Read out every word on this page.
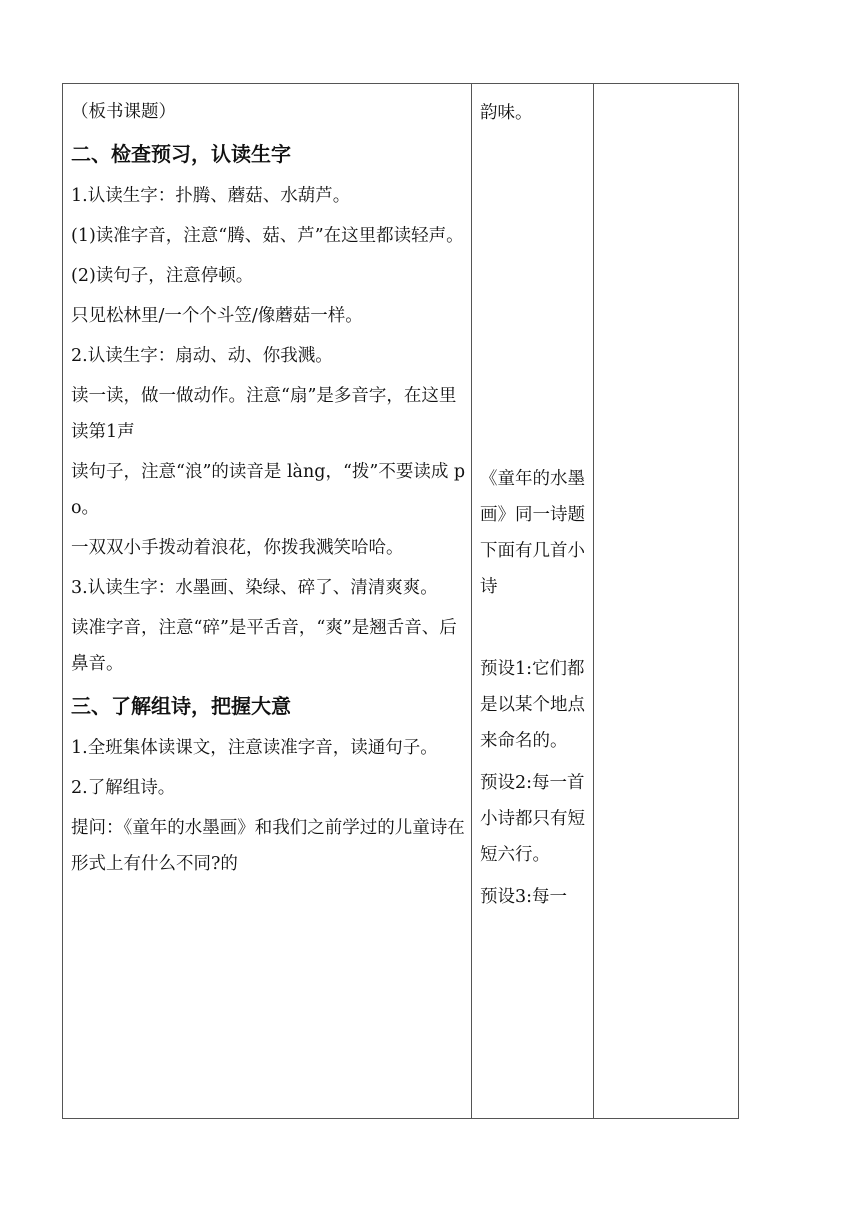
（板书课题）
二、检查预习，认读生字
1.认读生字：扑腾、蘑菇、水葫芦。
(1)读准字音，注意“腾、菇、芦”在这里都读轻声。
(2)读句子，注意停顿。
只见松林里/一个个斗笠/像蘑菇一样。
2.认读生字：扇动、动、你我溅。
读一读，做一做动作。注意“扇”是多音字，在这里读第1声
读句子，注意“浪”的读音是 làng，“拨”不要读成 po。
一双双小手拨动着浪花，你拨我溅笑哈哈。
3.认读生字：水墨画、染绿、碎了、清清爽爽。
读准字音，注意“碎”是平舌音，“爽”是翘舌音、后鼻音。
三、了解组诗，把握大意
1.全班集体读课文，注意读准字音，读通句子。
2.了解组诗。
提问：《童年的水墨画》和我们之前学过的儿童诗在形式上有什么不同?的
韵味。
《童年的水墨画》同一诗题下面有几首小诗
预设1:它们都是以某个地点来命名的。
预设2:每一首小诗都只有短短六行。
预设3:每一
